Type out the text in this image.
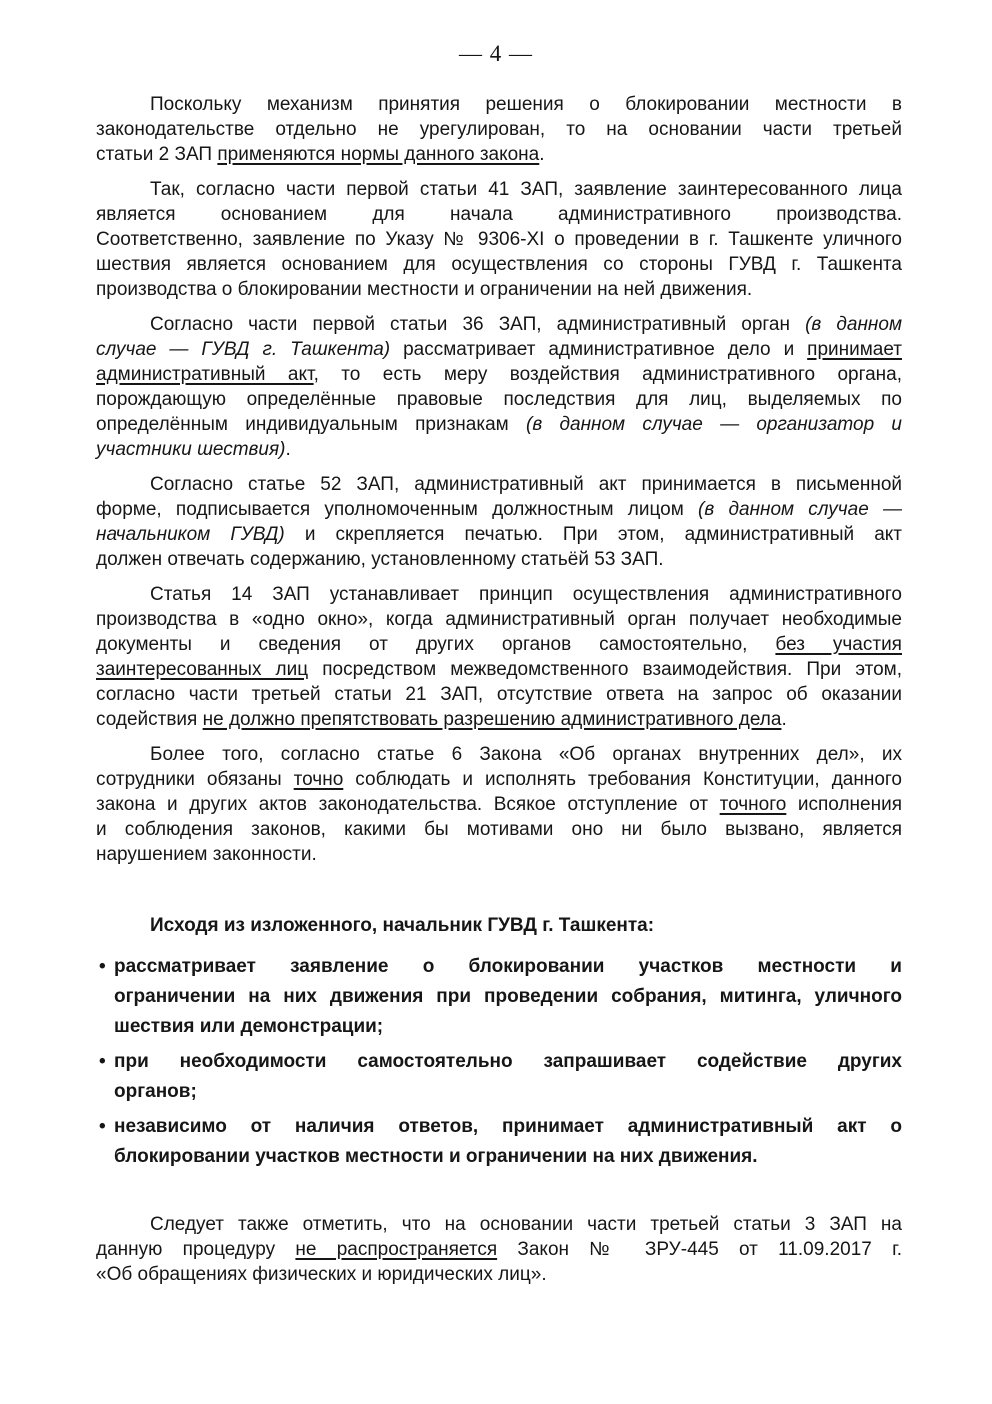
— 4 —
Поскольку механизм принятия решения о блокировании местности в
законодательстве отдельно не урегулирован, то на основании части третьей
статьи 2 ЗАП применяются нормы данного закона.
Так, согласно части первой статьи 41 ЗАП, заявление заинтересованного лица
является основанием для начала административного производства.
Соответственно, заявление по Указу № 9306-XI о проведении в г. Ташкенте уличного
шествия является основанием для осуществления со стороны ГУВД г. Ташкента
производства о блокировании местности и ограничении на ней движения.
Согласно части первой статьи 36 ЗАП, административный орган (в данном
случае — ГУВД г. Ташкента) рассматривает административное дело и принимает
административный акт, то есть меру воздействия административного органа,
порождающую определённые правовые последствия для лиц, выделяемых по
определённым индивидуальным признакам (в данном случае — организатор и
участники шествия).
Согласно статье 52 ЗАП, административный акт принимается в письменной
форме, подписывается уполномоченным должностным лицом (в данном случае —
начальником ГУВД) и скрепляется печатью. При этом, административный акт
должен отвечать содержанию, установленному статьёй 53 ЗАП.
Статья 14 ЗАП устанавливает принцип осуществления административного
производства в «одно окно», когда административный орган получает необходимые
документы и сведения от других органов самостоятельно, без участия
заинтересованных лиц посредством межведомственного взаимодействия. При этом,
согласно части третьей статьи 21 ЗАП, отсутствие ответа на запрос об оказании
содействия не должно препятствовать разрешению административного дела.
Более того, согласно статье 6 Закона «Об органах внутренних дел», их
сотрудники обязаны точно соблюдать и исполнять требования Конституции, данного
закона и других актов законодательства. Всякое отступление от точного исполнения
и соблюдения законов, какими бы мотивами оно ни было вызвано, является
нарушением законности.
Исходя из изложенного, начальник ГУВД г. Ташкента:
• рассматривает заявление о блокировании участков местности и
ограничении на них движения при проведении собрания, митинга, уличного
шествия или демонстрации;
• при необходимости самостоятельно запрашивает содействие других
органов;
• независимо от наличия ответов, принимает административный акт о
блокировании участков местности и ограничении на них движения.
Следует также отметить, что на основании части третьей статьи 3 ЗАП на
данную процедуру не распространяется Закон № ЗРУ-445 от 11.09.2017 г.
«Об обращениях физических и юридических лиц».
